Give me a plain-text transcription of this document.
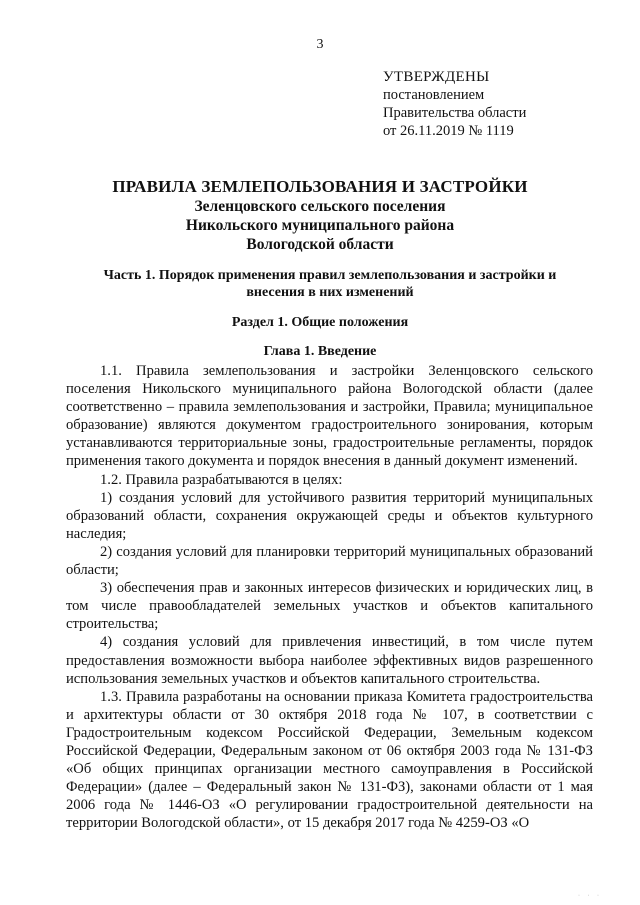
3
УТВЕРЖДЕНЫ
постановлением
Правительства области
от 26.11.2019 № 1119
ПРАВИЛА ЗЕМЛЕПОЛЬЗОВАНИЯ И ЗАСТРОЙКИ
Зеленцовского сельского поселения
Никольского муниципального района
Вологодской области
Часть 1. Порядок применения правил землепользования и застройки и внесения в них изменений
Раздел 1. Общие положения
Глава 1. Введение

1.1. Правила землепользования и застройки Зеленцовского сельского поселения Никольского муниципального района Вологодской области (далее соответственно – правила землепользования и застройки, Правила; муниципальное образование) являются документом градостроительного зонирования, которым устанавливаются территориальные зоны, градостроительные регламенты, порядок применения такого документа и порядок внесения в данный документ изменений.

1.2. Правила разрабатываются в целях:

1) создания условий для устойчивого развития территорий муниципальных образований области, сохранения окружающей среды и объектов культурного наследия;

2) создания условий для планировки территорий муниципальных образований области;

3) обеспечения прав и законных интересов физических и юридических лиц, в том числе правообладателей земельных участков и объектов капитального строительства;

4) создания условий для привлечения инвестиций, в том числе путем предоставления возможности выбора наиболее эффективных видов разрешенного использования земельных участков и объектов капитального строительства.

1.3. Правила разработаны на основании приказа Комитета градостроительства и архитектуры области от 30 октября 2018 года № 107, в соответствии с Градостроительным кодексом Российской Федерации, Земельным кодексом Российской Федерации, Федеральным законом от 06 октября 2003 года № 131-ФЗ «Об общих принципах организации местного самоуправления в Российской Федерации» (далее – Федеральный закон № 131-ФЗ), законами области от 1 мая 2006 года № 1446-ОЗ «О регулировании градостроительной деятельности на территории Вологодской области», от 15 декабря 2017 года № 4259-ОЗ «О

· · ·
